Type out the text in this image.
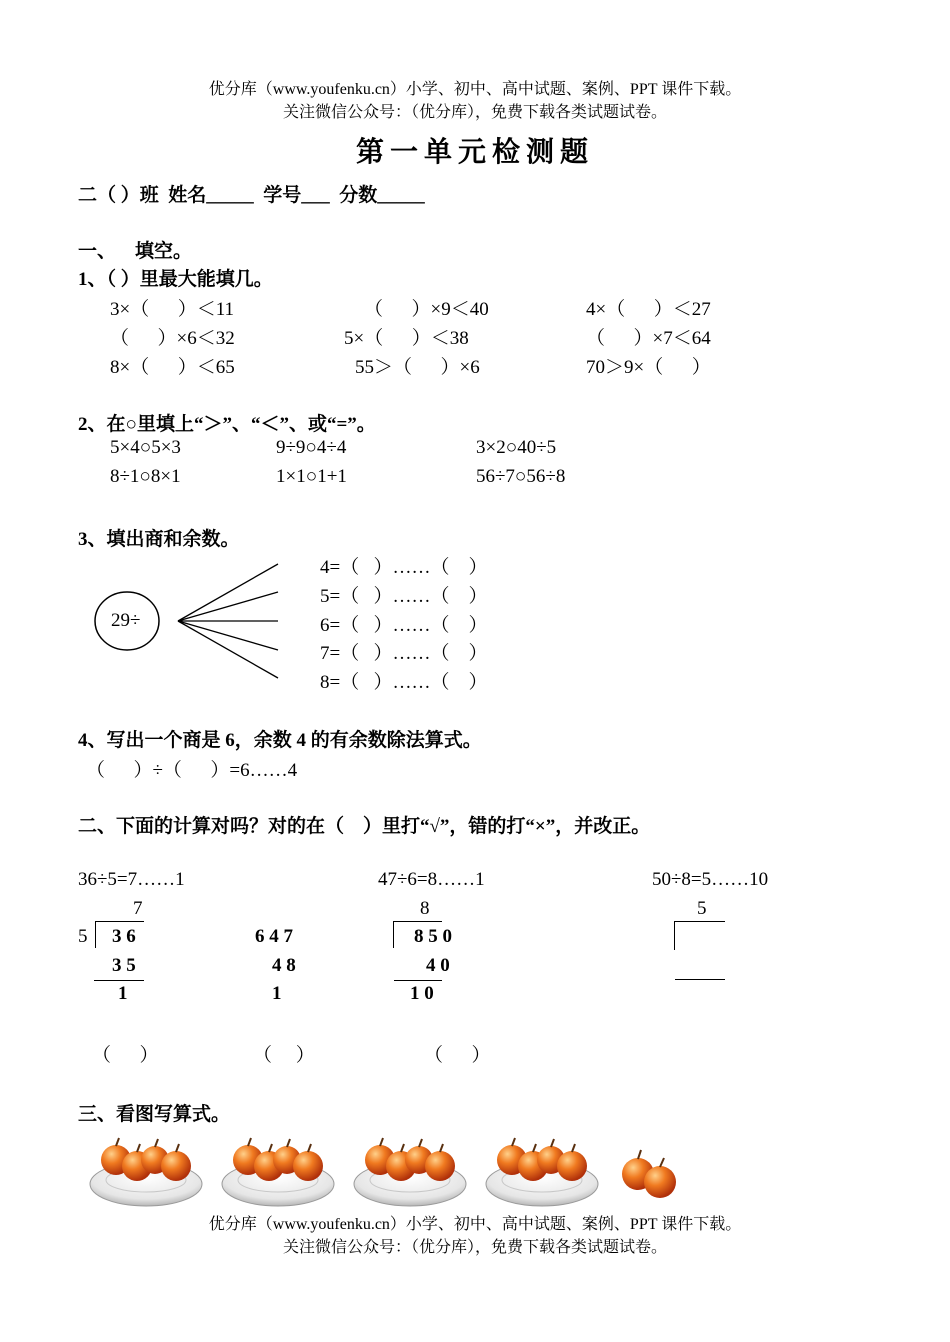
优分库（www.youfenku.cn）小学、初中、高中试题、案例、PPT 课件下载。
关注微信公众号：（优分库），免费下载各类试题试卷。
第一单元检测题
二（ ）班  姓名_____  学号___  分数_____
一、    填空。
1、（ ）里最大能填几。
3×（      ）＜11	（      ）×9＜40	4×（      ）＜27
（      ）×6＜32	5×（      ）＜38	（      ）×7＜64
8×（      ）＜65	55＞（      ）×6	70＞9×（      ）
2、在○里填上“＞”、“＜”、或“=”。
5×4○5×3	9÷9○4÷4	3×2○40÷5
8÷1○8×1	1×1○1+1	56÷7○56÷8
3、填出商和余数。
29÷
4=（   ）……（    ）
5=（   ）……（    ）
6=（   ）……（    ）
7=（   ）……（    ）
8=（   ）……（    ）
4、写出一个商是 6，余数 4 的有余数除法算式。
（      ）÷（      ）=6……4
二、下面的计算对吗？对的在（    ）里打“√”，错的打“×”，并改正。
36÷5=7……1	47÷6=8……1	50÷8=5……10
7
5 3 6
3 5
1
6 4 7
4 8
1
8
8 5 0
4 0
1 0
5
（      ）	（     ）	（      ）
三、看图写算式。
优分库（www.youfenku.cn）小学、初中、高中试题、案例、PPT 课件下载。
关注微信公众号：（优分库），免费下载各类试题试卷。
